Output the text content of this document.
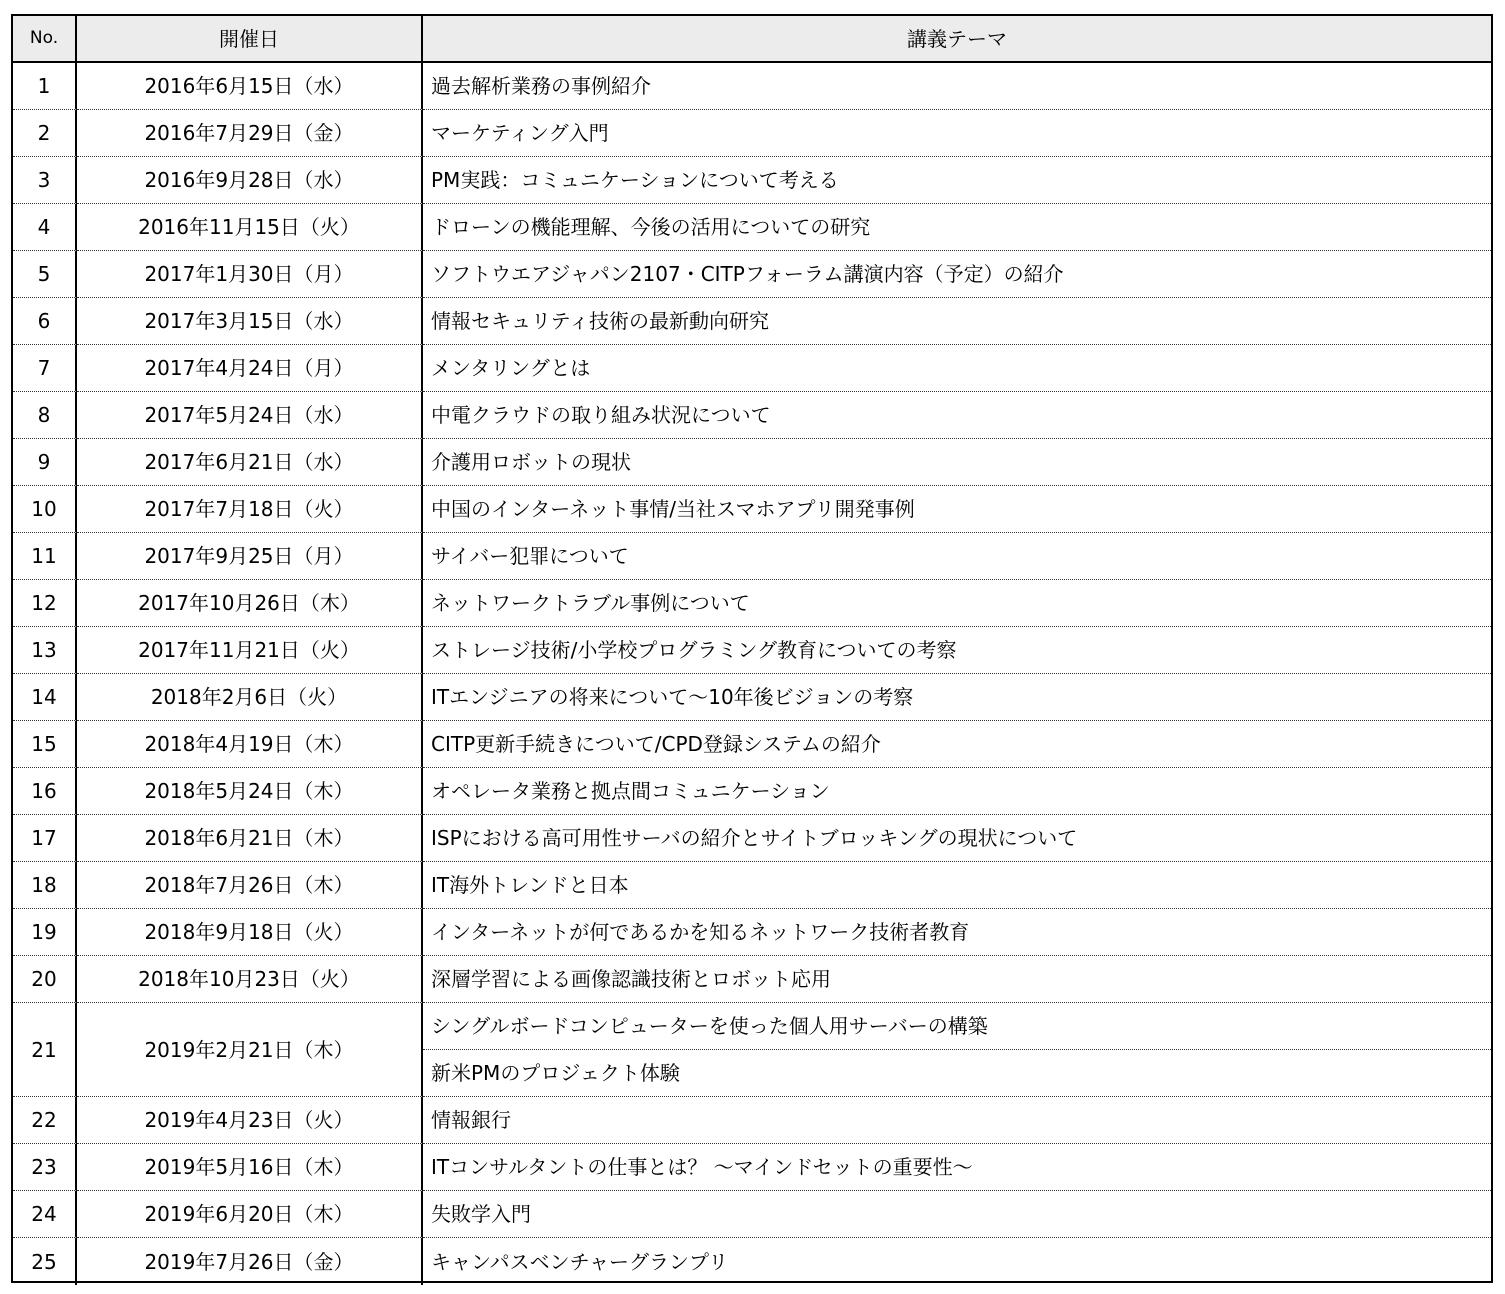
No.	開催日	講義テーマ
1	2016年6月15日（水）	過去解析業務の事例紹介
2	2016年7月29日（金）	マーケティング入門
3	2016年9月28日（水）	PM実践：コミュニケーションについて考える
4	2016年11月15日（火）	ドローンの機能理解、今後の活用についての研究
5	2017年1月30日（月）	ソフトウエアジャパン2107・CITPフォーラム講演内容（予定）の紹介
6	2017年3月15日（水）	情報セキュリティ技術の最新動向研究
7	2017年4月24日（月）	メンタリングとは
8	2017年5月24日（水）	中電クラウドの取り組み状況について
9	2017年6月21日（水）	介護用ロボットの現状
10	2017年7月18日（火）	中国のインターネット事情/当社スマホアプリ開発事例
11	2017年9月25日（月）	サイバー犯罪について
12	2017年10月26日（木）	ネットワークトラブル事例について
13	2017年11月21日（火）	ストレージ技術/小学校プログラミング教育についての考察
14	2018年2月6日（火）	ITエンジニアの将来について～10年後ビジョンの考察
15	2018年4月19日（木）	CITP更新手続きについて/CPD登録システムの紹介
16	2018年5月24日（木）	オペレータ業務と拠点間コミュニケーション
17	2018年6月21日（木）	ISPにおける高可用性サーバの紹介とサイトブロッキングの現状について
18	2018年7月26日（木）	IT海外トレンドと日本
19	2018年9月18日（火）	インターネットが何であるかを知るネットワーク技術者教育
20	2018年10月23日（火）	深層学習による画像認識技術とロボット応用
21	2019年2月21日（木）
シングルボードコンピューターを使った個人用サーバーの構築
新米PMのプロジェクト体験
22	2019年4月23日（火）	情報銀行
23	2019年5月16日（木）	ITコンサルタントの仕事とは？ ～マインドセットの重要性～
24	2019年6月20日（木）	失敗学入門
25	2019年7月26日（金）	キャンパスベンチャーグランプリ
